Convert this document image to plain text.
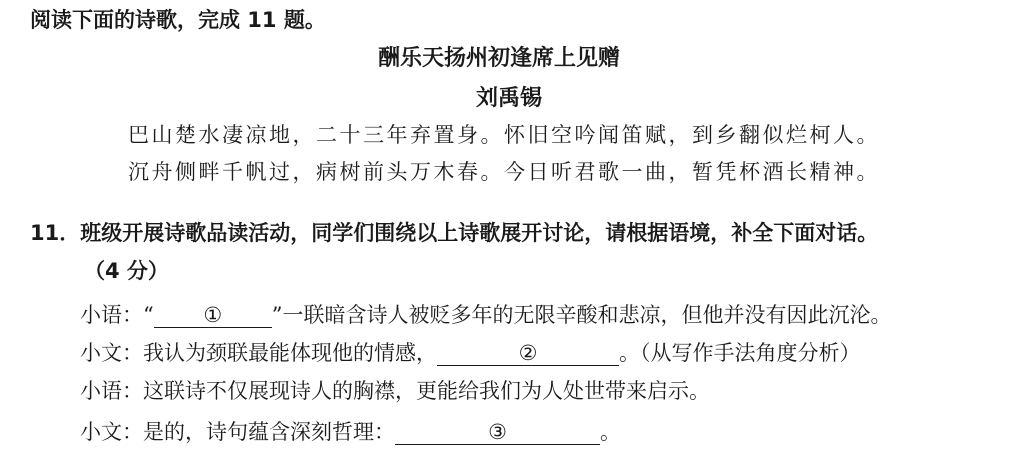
阅读下面的诗歌，完成 11 题。
酬乐天扬州初逢席上见赠
刘禹锡
巴山楚水凄凉地，二十三年弃置身。怀旧空吟闻笛赋，到乡翻似烂柯人。
沉舟侧畔千帆过，病树前头万木春。今日听君歌一曲，暂凭杯酒长精神。
11．班级开展诗歌品读活动，同学们围绕以上诗歌展开讨论，请根据语境，补全下面对话。
（4 分）
小语：“ ① ”一联暗含诗人被贬多年的无限辛酸和悲凉，但他并没有因此沉沦。
小文：我认为颈联最能体现他的情感，	②	。（从写作手法角度分析）
小语：这联诗不仅展现诗人的胸襟，更能给我们为人处世带来启示。
小文：是的，诗句蕴含深刻哲理：	③	。
